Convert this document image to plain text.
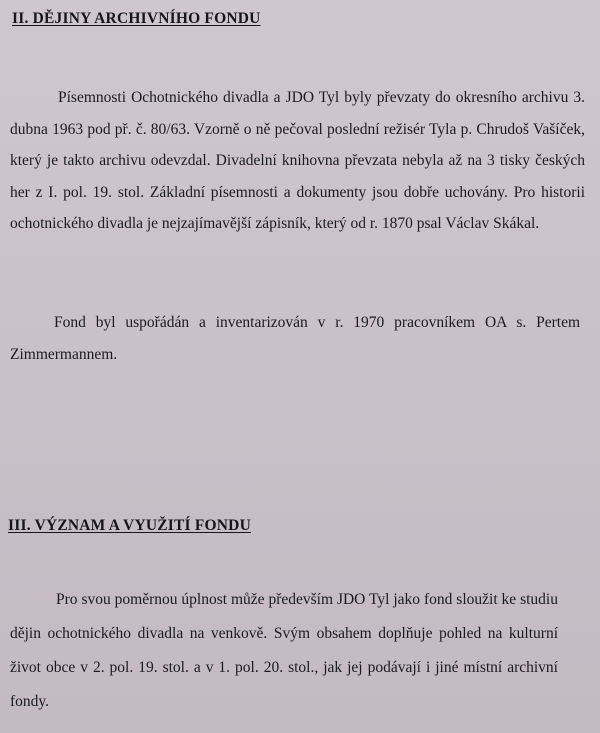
II. DĚJINY ARCHIVNÍHO FONDU
Písemnosti Ochotnického divadla a JDO Tyl byly převzaty do okresního archivu 3. dubna 1963 pod př. č. 80/63. Vzorně o ně pečoval poslední režisér Tyla p. Chrudoš Vašíček, který je takto archivu odevzdal. Divadelní knihovna převzata nebyla až na 3 tisky českých her z I. pol. 19. stol. Základní písemnosti a dokumenty jsou dobře uchovány. Pro historii ochotnického divadla je nejzajímavější zápisník, který od r. 1870 psal Václav Skákal.
Fond byl uspořádán a inventarizován v r. 1970 pracovníkem OA s. Pertem Zimmermannem.
III. VÝZNAM A VYUŽITÍ FONDU
Pro svou poměrnou úplnost může především JDO Tyl jako fond sloužit ke studiu dějin ochotnického divadla na venkově. Svým obsahem doplňuje pohled na kulturní život obce v 2. pol. 19. stol. a v 1. pol. 20. stol., jak jej podávají i jiné místní archivní fondy.
